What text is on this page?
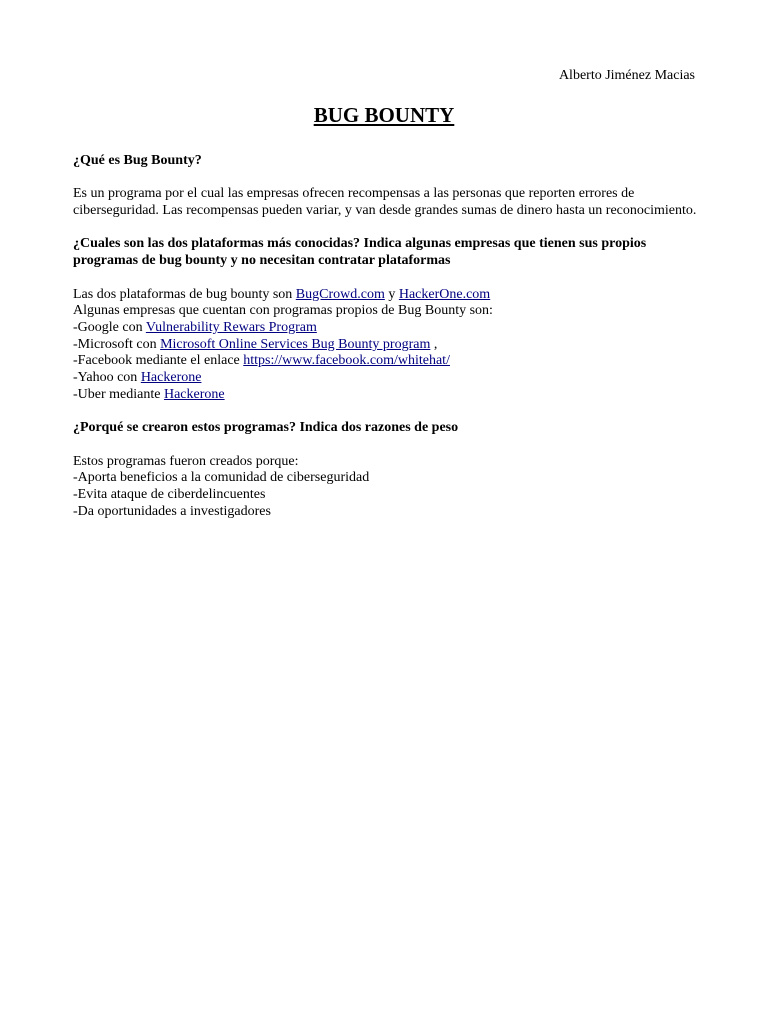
Alberto Jiménez Macias
BUG BOUNTY

¿Qué es Bug Bounty?

Es un programa por el cual las empresas ofrecen recompensas a las personas que reporten errores de ciberseguridad. Las recompensas pueden variar, y van desde grandes sumas de dinero hasta un reconocimiento.

¿Cuales son las dos plataformas más conocidas? Indica algunas empresas que tienen sus propios programas de bug bounty y no necesitan contratar plataformas

Las dos plataformas de bug bounty son BugCrowd.com y HackerOne.com

Algunas empresas que cuentan con programas propios de Bug Bounty son:

-Google con Vulnerability Rewars Program

-Microsoft con Microsoft Online Services Bug Bounty program ,

-Facebook mediante el enlace https://www.facebook.com/whitehat/

-Yahoo con Hackerone

-Uber mediante Hackerone

¿Porqué se crearon estos programas? Indica dos razones de peso

Estos programas fueron creados porque:

-Aporta beneficios a la comunidad de ciberseguridad

-Evita ataque de ciberdelincuentes

-Da oportunidades a investigadores
